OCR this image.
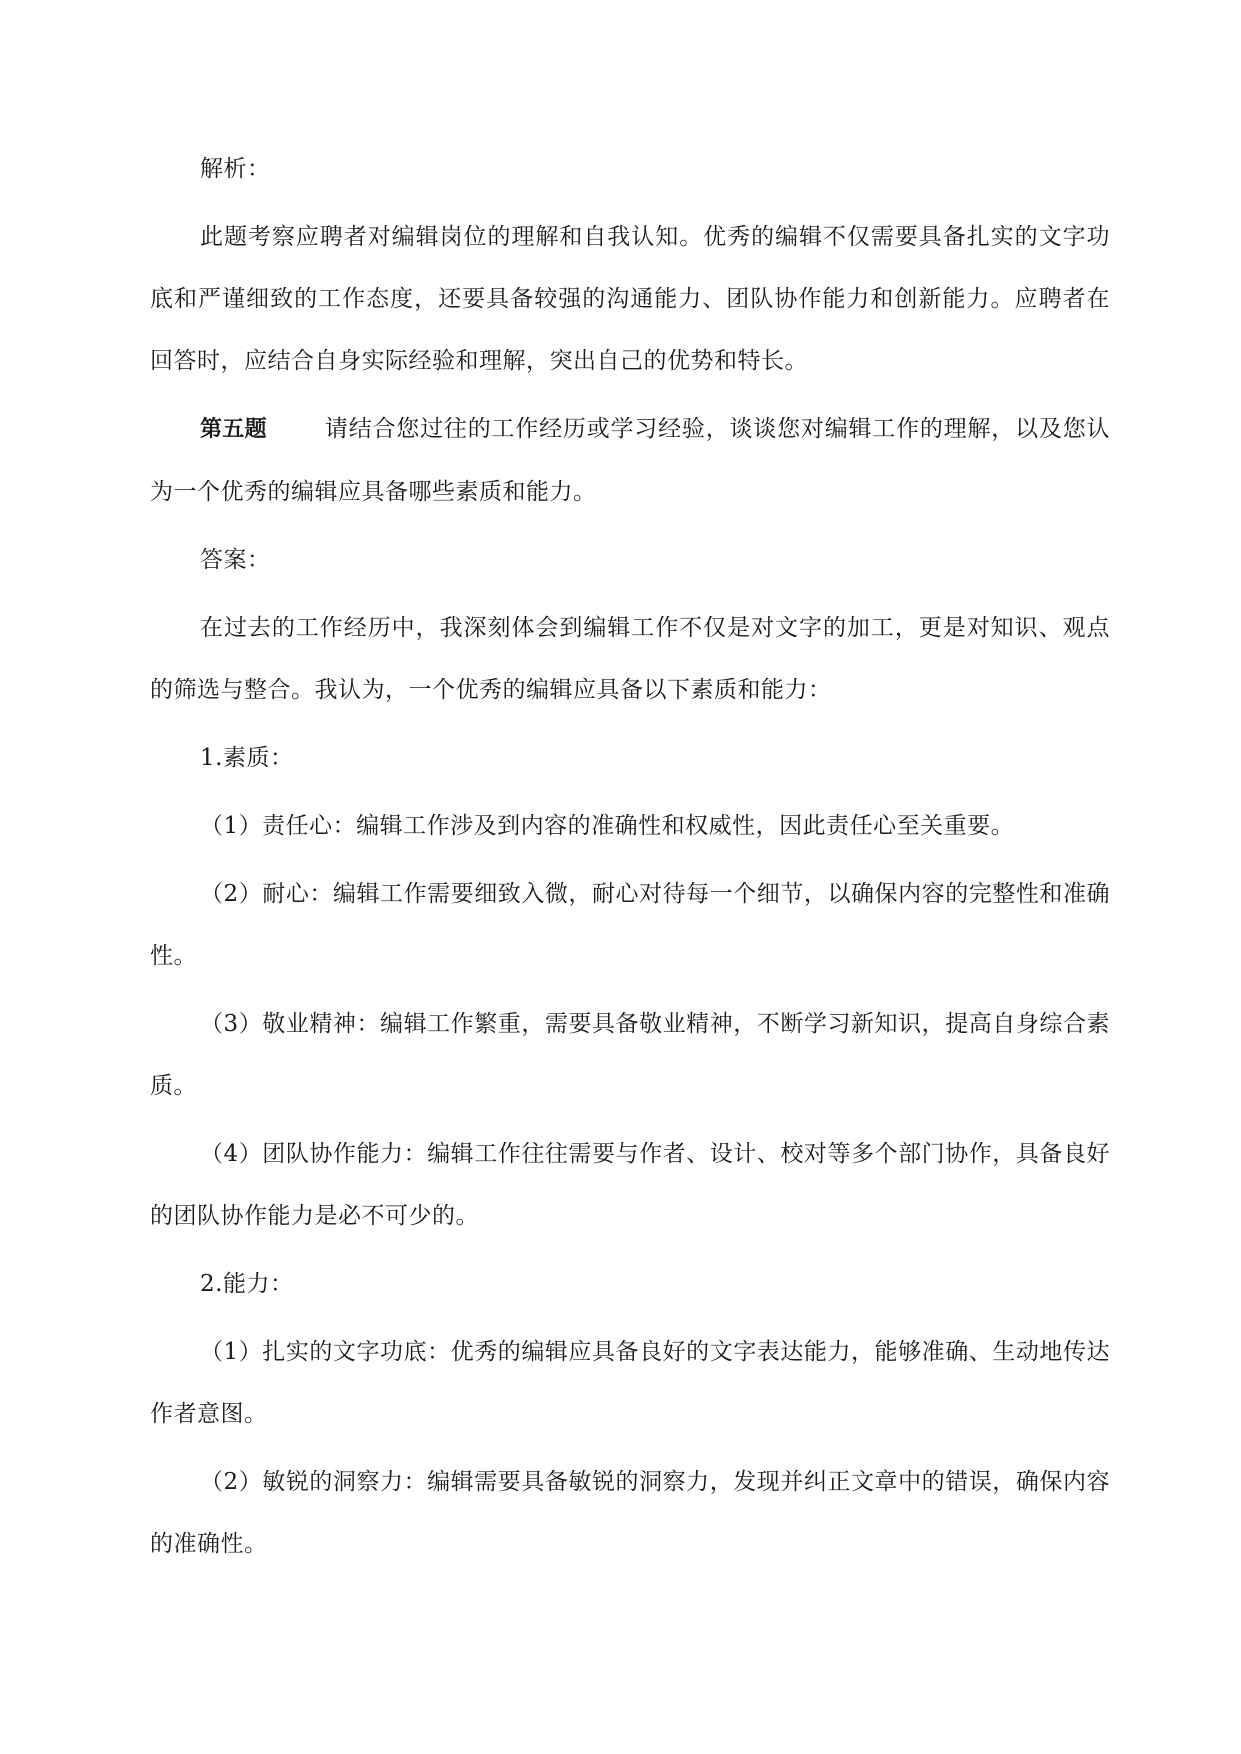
解析：

此题考察应聘者对编辑岗位的理解和自我认知。优秀的编辑不仅需要具备扎实的文字功底和严谨细致的工作态度，还要具备较强的沟通能力、团队协作能力和创新能力。应聘者在回答时，应结合自身实际经验和理解，突出自己的优势和特长。

第五题	请结合您过往的工作经历或学习经验，谈谈您对编辑工作的理解，以及您认为一个优秀的编辑应具备哪些素质和能力。

答案：

在过去的工作经历中，我深刻体会到编辑工作不仅是对文字的加工，更是对知识、观点的筛选与整合。我认为，一个优秀的编辑应具备以下素质和能力：

1.素质：

（1）责任心：编辑工作涉及到内容的准确性和权威性，因此责任心至关重要。

（2）耐心：编辑工作需要细致入微，耐心对待每一个细节，以确保内容的完整性和准确性。

（3）敬业精神：编辑工作繁重，需要具备敬业精神，不断学习新知识，提高自身综合素质。

（4）团队协作能力：编辑工作往往需要与作者、设计、校对等多个部门协作，具备良好的团队协作能力是必不可少的。

2.能力：

（1）扎实的文字功底：优秀的编辑应具备良好的文字表达能力，能够准确、生动地传达作者意图。

（2）敏锐的洞察力：编辑需要具备敏锐的洞察力，发现并纠正文章中的错误，确保内容的准确性。
